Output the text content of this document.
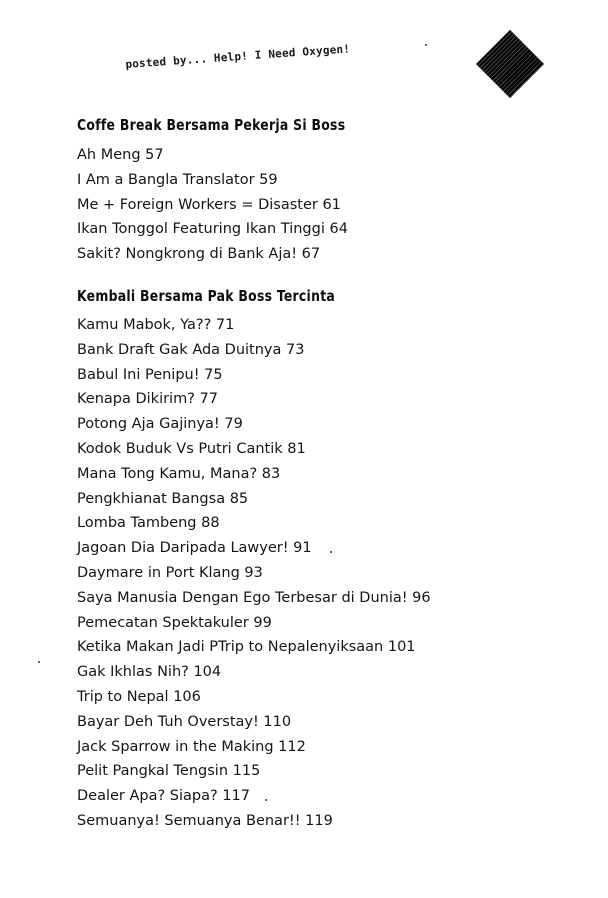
posted by... Help! I Need Oxygen!
Coffe Break Bersama Pekerja Si Boss
Ah Meng 57
I Am a Bangla Translator 59
Me + Foreign Workers = Disaster 61
Ikan Tonggol Featuring Ikan Tinggi 64
Sakit? Nongkrong di Bank Aja! 67
Kembali Bersama Pak Boss Tercinta
Kamu Mabok, Ya?? 71
Bank Draft Gak Ada Duitnya 73
Babul Ini Penipu! 75
Kenapa Dikirim? 77
Potong Aja Gajinya! 79
Kodok Buduk Vs Putri Cantik 81
Mana Tong Kamu, Mana? 83
Pengkhianat Bangsa 85
Lomba Tambeng 88
Jagoan Dia Daripada Lawyer! 91
Daymare in Port Klang 93
Saya Manusia Dengan Ego Terbesar di Dunia! 96
Pemecatan Spektakuler 99
Ketika Makan Jadi PTrip to Nepalenyiksaan 101
Gak Ikhlas Nih? 104
Trip to Nepal 106
Bayar Deh Tuh Overstay! 110
Jack Sparrow in the Making 112
Pelit Pangkal Tengsin 115
Dealer Apa? Siapa? 117
Semuanya! Semuanya Benar!! 119
